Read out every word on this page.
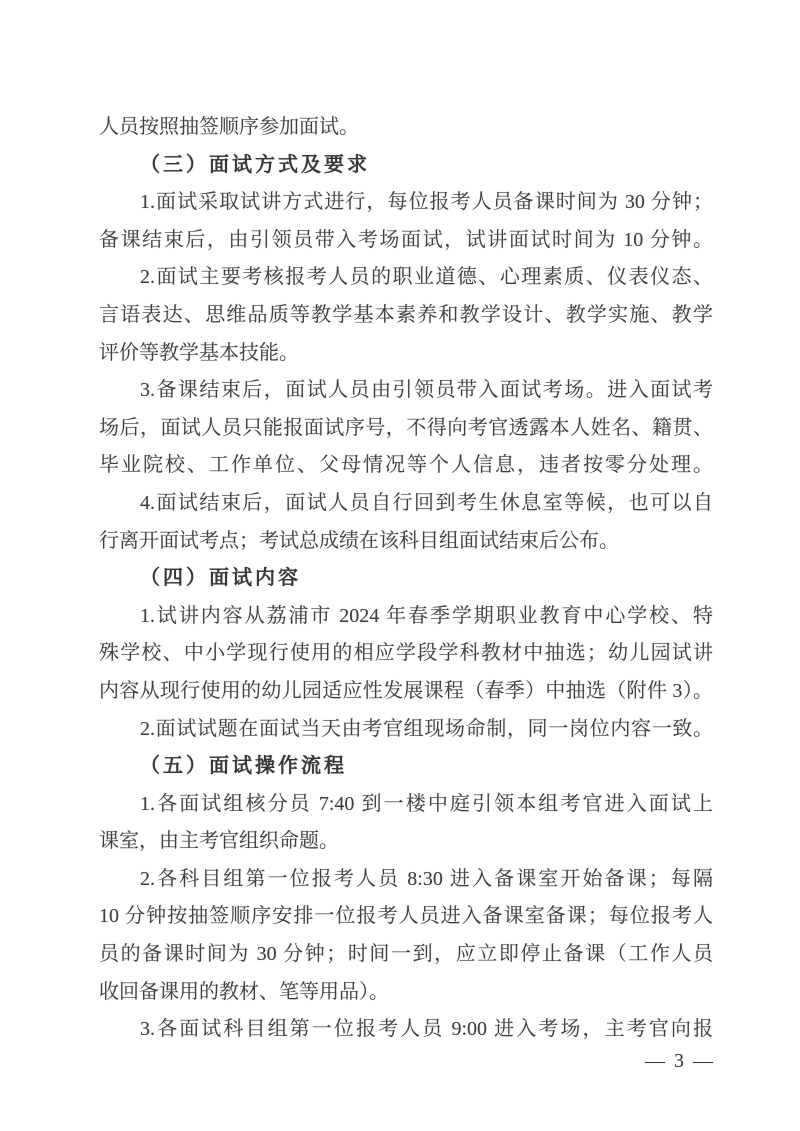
人员按照抽签顺序参加面试。
（三）面试方式及要求
1.面试采取试讲方式进行，每位报考人员备课时间为 30 分钟；
备课结束后，由引领员带入考场面试，试讲面试时间为 10 分钟。
2.面试主要考核报考人员的职业道德、心理素质、仪表仪态、
言语表达、思维品质等教学基本素养和教学设计、教学实施、教学
评价等教学基本技能。
3.备课结束后，面试人员由引领员带入面试考场。进入面试考
场后，面试人员只能报面试序号，不得向考官透露本人姓名、籍贯、
毕业院校、工作单位、父母情况等个人信息，违者按零分处理。
4.面试结束后，面试人员自行回到考生休息室等候，也可以自
行离开面试考点；考试总成绩在该科目组面试结束后公布。
（四）面试内容
1.试讲内容从荔浦市 2024 年春季学期职业教育中心学校、特
殊学校、中小学现行使用的相应学段学科教材中抽选；幼儿园试讲
内容从现行使用的幼儿园适应性发展课程（春季）中抽选（附件 3）。
2.面试试题在面试当天由考官组现场命制，同一岗位内容一致。
（五）面试操作流程
1.各面试组核分员 7:40 到一楼中庭引领本组考官进入面试上
课室，由主考官组织命题。
2.各科目组第一位报考人员 8:30 进入备课室开始备课；每隔
10 分钟按抽签顺序安排一位报考人员进入备课室备课；每位报考人
员的备课时间为 30 分钟；时间一到，应立即停止备课（工作人员
收回备课用的教材、笔等用品）。
3.各面试科目组第一位报考人员 9:00 进入考场，主考官向报
— 3 —
